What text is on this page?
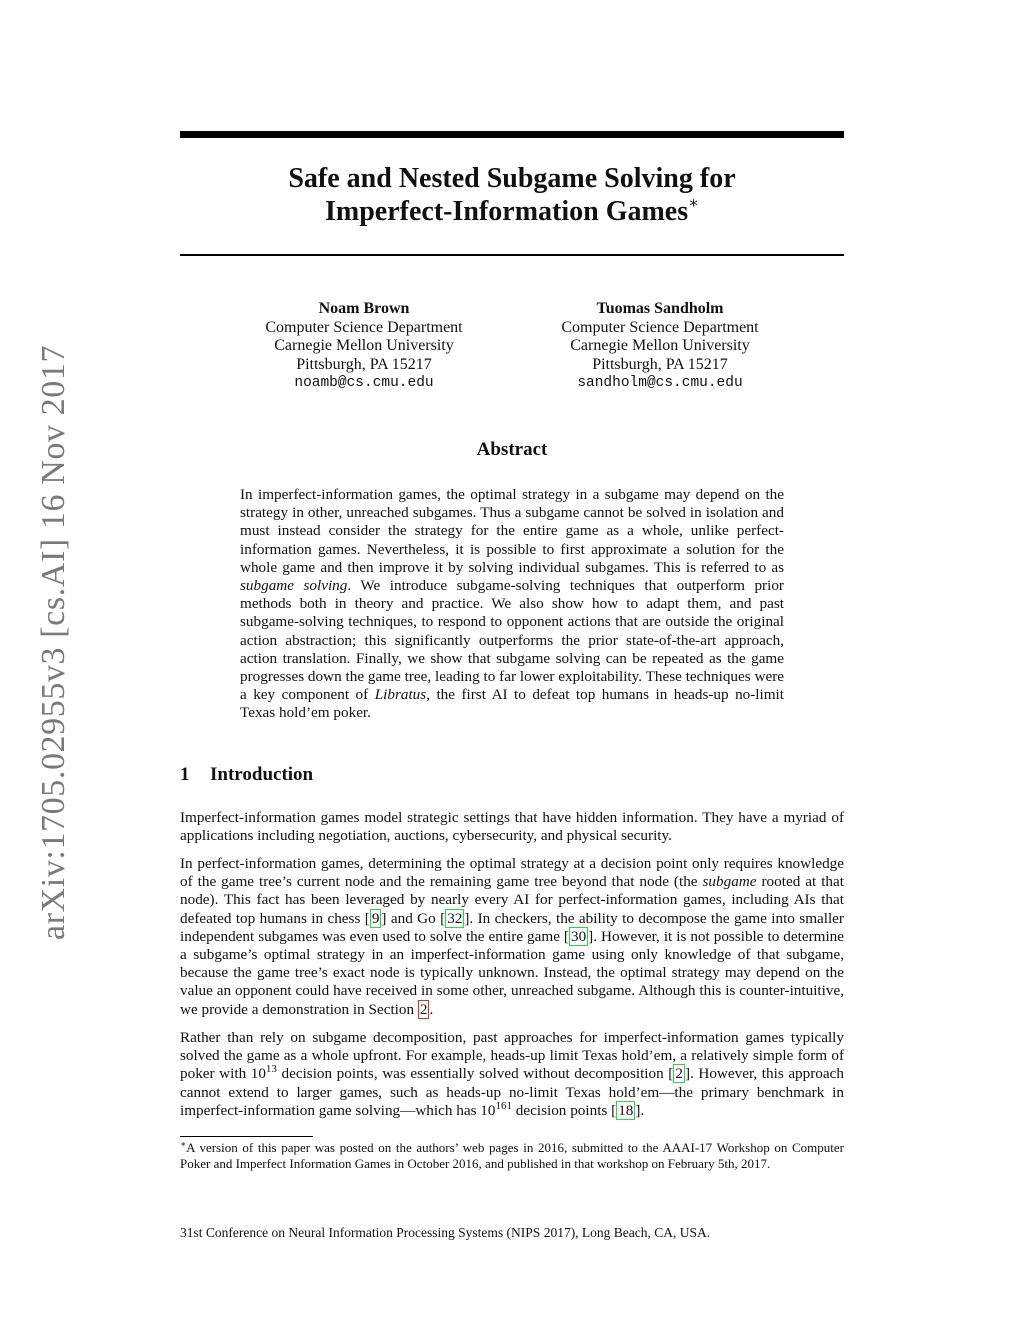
arXiv:1705.02955v3 [cs.AI] 16 Nov 2017
Safe and Nested Subgame Solving for
Imperfect-Information Games∗
Noam Brown
Computer Science Department
Carnegie Mellon University
Pittsburgh, PA 15217
noamb@cs.cmu.edu
Tuomas Sandholm
Computer Science Department
Carnegie Mellon University
Pittsburgh, PA 15217
sandholm@cs.cmu.edu
Abstract

In imperfect-information games, the optimal strategy in a subgame may depend on the strategy in other, unreached subgames. Thus a subgame cannot be solved in isolation and must instead consider the strategy for the entire game as a whole, unlike perfect-information games. Nevertheless, it is possible to first approximate a solution for the whole game and then improve it by solving individual subgames. This is referred to as subgame solving. We introduce subgame-solving techniques that outperform prior methods both in theory and practice. We also show how to adapt them, and past subgame-solving techniques, to respond to opponent actions that are outside the original action abstraction; this significantly outperforms the prior state-of-the-art approach, action translation. Finally, we show that subgame solving can be repeated as the game progresses down the game tree, leading to far lower exploitability. These techniques were a key component of Libratus, the first AI to defeat top humans in heads-up no-limit Texas hold’em poker.

1 Introduction

Imperfect-information games model strategic settings that have hidden information. They have a myriad of applications including negotiation, auctions, cybersecurity, and physical security.

In perfect-information games, determining the optimal strategy at a decision point only requires knowledge of the game tree’s current node and the remaining game tree beyond that node (the subgame rooted at that node). This fact has been leveraged by nearly every AI for perfect-information games, including AIs that defeated top humans in chess [ 9 ] and Go [ 32 ]. In checkers, the ability to decompose the game into smaller independent subgames was even used to solve the entire game [ 30 ]. However, it is not possible to determine a subgame’s optimal strategy in an imperfect-information game using only knowledge of that subgame, because the game tree’s exact node is typically unknown. Instead, the optimal strategy may depend on the value an opponent could have received in some other, unreached subgame. Although this is counter-intuitive, we provide a demonstration in Section 2 .

Rather than rely on subgame decomposition, past approaches for imperfect-information games typically solved the game as a whole upfront. For example, heads-up limit Texas hold’em, a relatively simple form of poker with $10^{13}$ decision points, was essentially solved without decomposition [ 2 ]. However, this approach cannot extend to larger games, such as heads-up no-limit Texas hold’em—the primary benchmark in imperfect-information game solving—which has $10^{161}$ decision points [ 18 ].

∗A version of this paper was posted on the authors’ web pages in 2016, submitted to the AAAI-17 Workshop on Computer Poker and Imperfect Information Games in October 2016, and published in that workshop on February 5th, 2017.

31st Conference on Neural Information Processing Systems (NIPS 2017), Long Beach, CA, USA.
